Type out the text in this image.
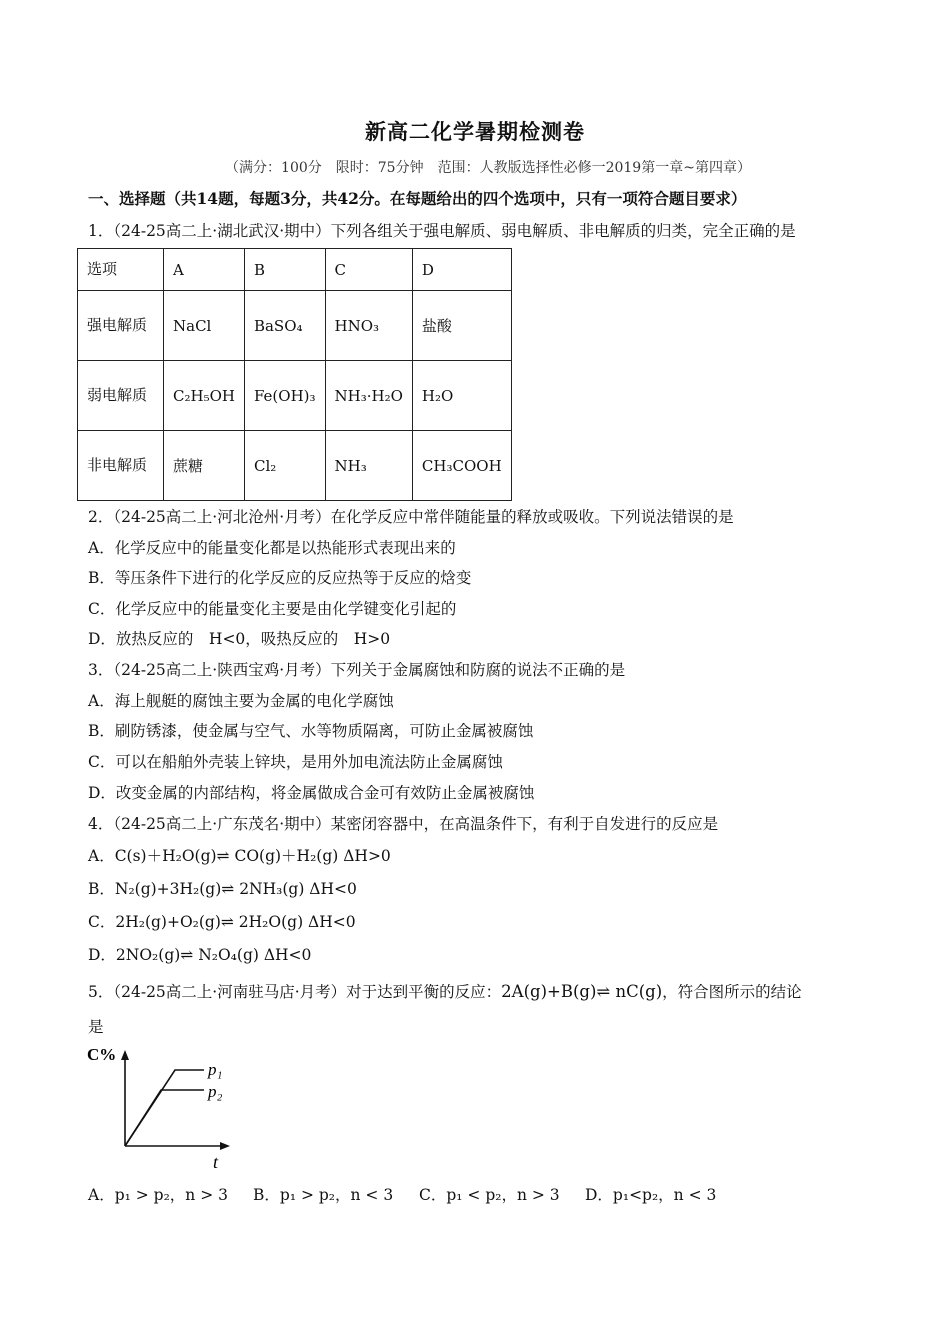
新高二化学暑期检测卷
（满分：100分　限时：75分钟　范围：人教版选择性必修一2019第一章~第四章）
一、选择题（共14题，每题3分，共42分。在每题给出的四个选项中，只有一项符合题目要求）
1．（24-25高二上·湖北武汉·期中）下列各组关于强电解质、弱电解质、非电解质的归类，完全正确的是
选项	A	B	C	D
强电解质	NaCl	BaSO₄	HNO₃	盐酸
弱电解质	C₂H₅OH	Fe(OH)₃	NH₃·H₂O	H₂O
非电解质	蔗糖	Cl₂	NH₃	CH₃COOH
2．（24-25高二上·河北沧州·月考）在化学反应中常伴随能量的释放或吸收。下列说法错误的是
A．化学反应中的能量变化都是以热能形式表现出来的
B．等压条件下进行的化学反应的反应热等于反应的焓变
C．化学反应中的能量变化主要是由化学键变化引起的
D．放热反应的　H<0，吸热反应的　H>0
3．（24-25高二上·陕西宝鸡·月考）下列关于金属腐蚀和防腐的说法不正确的是
A．海上舰艇的腐蚀主要为金属的电化学腐蚀
B．刷防锈漆，使金属与空气、水等物质隔离，可防止金属被腐蚀
C．可以在船舶外壳装上锌块，是用外加电流法防止金属腐蚀
D．改变金属的内部结构，将金属做成合金可有效防止金属被腐蚀
4．（24-25高二上·广东茂名·期中）某密闭容器中，在高温条件下，有利于自发进行的反应是
A．C(s)＋H₂O(g)⇌ CO(g)＋H₂(g) ΔH>0
B．N₂(g)+3H₂(g)⇌ 2NH₃(g) ΔH<0
C．2H₂(g)+O₂(g)⇌ 2H₂O(g) ΔH<0
D．2NO₂(g)⇌ N₂O₄(g) ΔH<0
5．（24-25高二上·河南驻马店·月考）对于达到平衡的反应：2A(g)+B(g)⇌ nC(g)，符合图所示的结论
是
C%
p₁
p₂
t
A．p₁ > p₂，n > 3 B．p₁ > p₂，n < 3 C．p₁ < p₂，n > 3 D．p₁<p₂，n < 3
